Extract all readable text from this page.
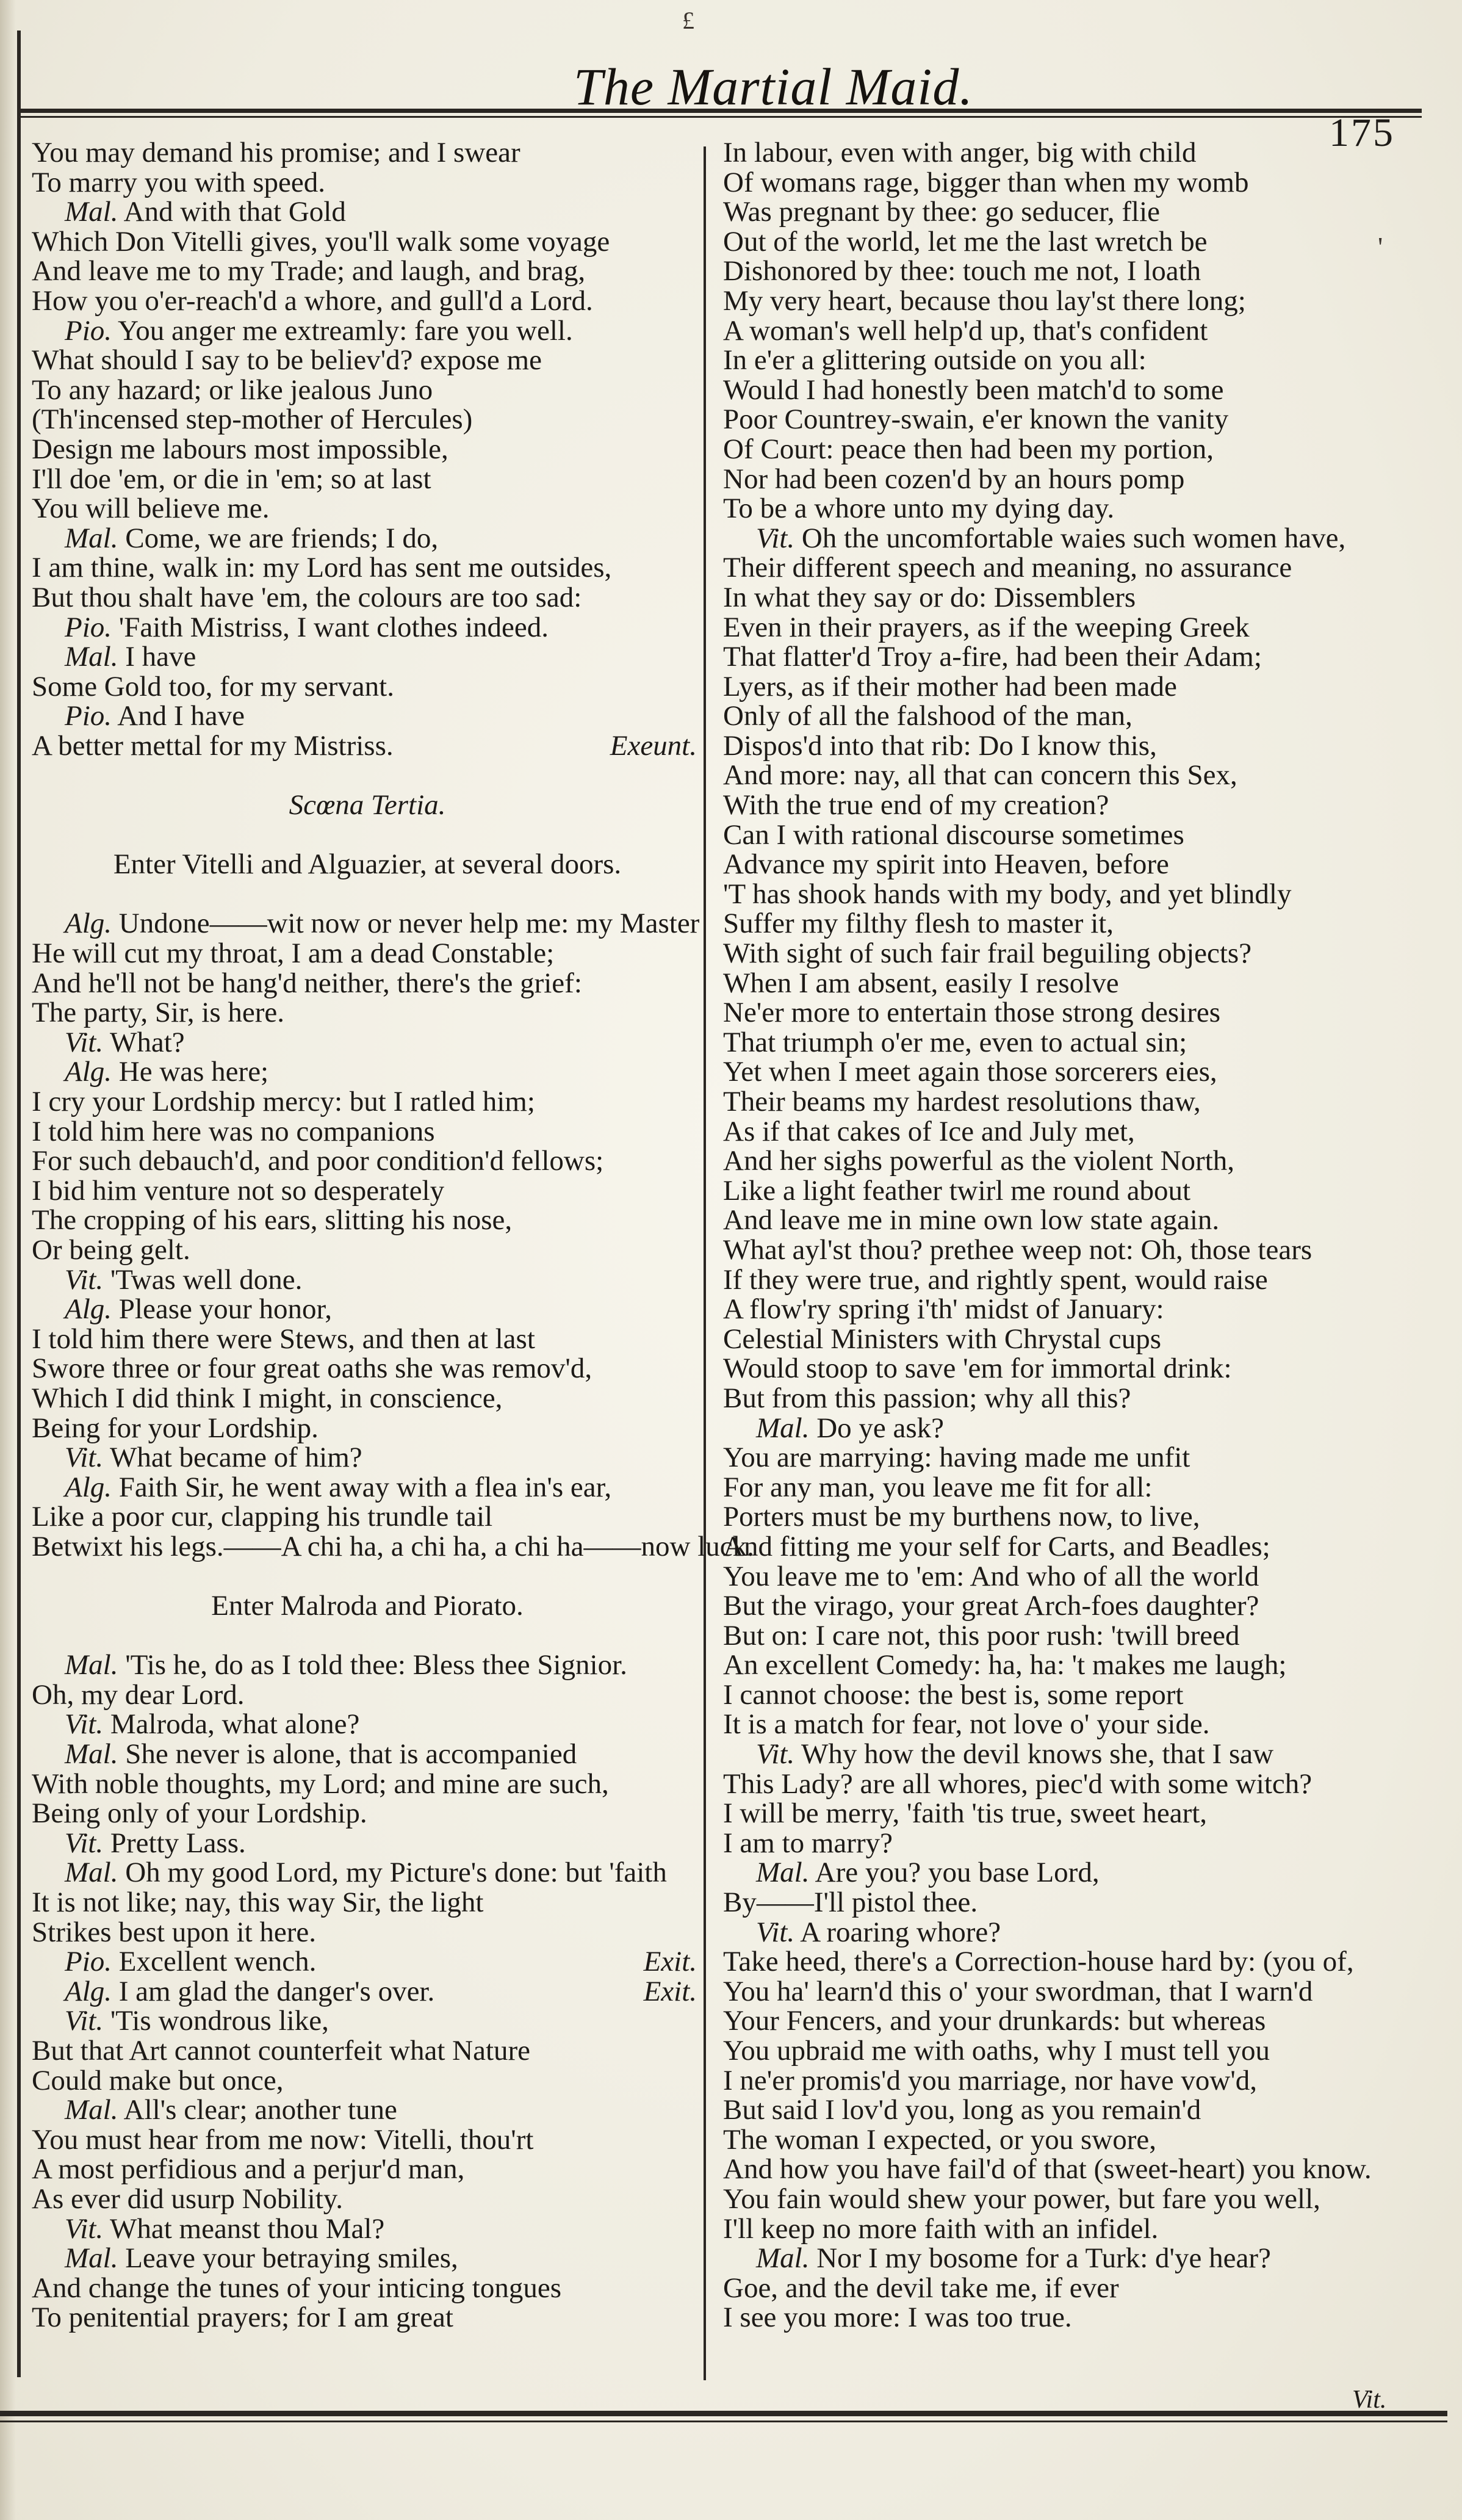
£
'
The Martial Maid.
175
You may demand his promise; and I swear
To marry you with speed.
Mal. And with that Gold
Which Don Vitelli gives, you'll walk some voyage
And leave me to my Trade; and laugh, and brag,
How you o'er-reach'd a whore, and gull'd a Lord.
Pio. You anger me extreamly: fare you well.
What should I say to be believ'd? expose me
To any hazard; or like jealous Juno
(Th'incensed step-mother of Hercules)
Design me labours most impossible,
I'll doe 'em, or die in 'em; so at last
You will believe me.
Mal. Come, we are friends; I do,
I am thine, walk in: my Lord has sent me outsides,
But thou shalt have 'em, the colours are too sad:
Pio. 'Faith Mistriss, I want clothes indeed.
Mal. I have
Some Gold too, for my servant.
Pio. And I have
A better mettal for my Mistriss.	Exeunt.
Scœna Tertia.
Enter Vitelli and Alguazier, at several doors.
Alg. Undone——wit now or never help me: my Master
He will cut my throat, I am a dead Constable;
And he'll not be hang'd neither, there's the grief:
The party, Sir, is here.
Vit. What?
Alg. He was here;
I cry your Lordship mercy: but I ratled him;
I told him here was no companions
For such debauch'd, and poor condition'd fellows;
I bid him venture not so desperately
The cropping of his ears, slitting his nose,
Or being gelt.
Vit. 'Twas well done.
Alg. Please your honor,
I told him there were Stews, and then at last
Swore three or four great oaths she was remov'd,
Which I did think I might, in conscience,
Being for your Lordship.
Vit. What became of him?
Alg. Faith Sir, he went away with a flea in's ear,
Like a poor cur, clapping his trundle tail
Betwixt his legs.——A chi ha, a chi ha, a chi ha——now luck.
Enter Malroda and Piorato.
Mal. 'Tis he, do as I told thee: Bless thee Signior.
Oh, my dear Lord.
Vit. Malroda, what alone?
Mal. She never is alone, that is accompanied
With noble thoughts, my Lord; and mine are such,
Being only of your Lordship.
Vit. Pretty Lass.
Mal. Oh my good Lord, my Picture's done: but 'faith
It is not like; nay, this way Sir, the light
Strikes best upon it here.
Pio. Excellent wench.	Exit.
Alg. I am glad the danger's over.	Exit.
Vit. 'Tis wondrous like,
But that Art cannot counterfeit what Nature
Could make but once,
Mal. All's clear; another tune
You must hear from me now: Vitelli, thou'rt
A most perfidious and a perjur'd man,
As ever did usurp Nobility.
Vit. What meanst thou Mal?
Mal. Leave your betraying smiles,
And change the tunes of your inticing tongues
To penitential prayers; for I am great
In labour, even with anger, big with child
Of womans rage, bigger than when my womb
Was pregnant by thee: go seducer, flie
Out of the world, let me the last wretch be
Dishonored by thee: touch me not, I loath
My very heart, because thou lay'st there long;
A woman's well help'd up, that's confident
In e'er a glittering outside on you all:
Would I had honestly been match'd to some
Poor Countrey-swain, e'er known the vanity
Of Court: peace then had been my portion,
Nor had been cozen'd by an hours pomp
To be a whore unto my dying day.
Vit. Oh the uncomfortable waies such women have,
Their different speech and meaning, no assurance
In what they say or do: Dissemblers
Even in their prayers, as if the weeping Greek
That flatter'd Troy a-fire, had been their Adam;
Lyers, as if their mother had been made
Only of all the falshood of the man,
Dispos'd into that rib: Do I know this,
And more: nay, all that can concern this Sex,
With the true end of my creation?
Can I with rational discourse sometimes
Advance my spirit into Heaven, before
'T has shook hands with my body, and yet blindly
Suffer my filthy flesh to master it,
With sight of such fair frail beguiling objects?
When I am absent, easily I resolve
Ne'er more to entertain those strong desires
That triumph o'er me, even to actual sin;
Yet when I meet again those sorcerers eies,
Their beams my hardest resolutions thaw,
As if that cakes of Ice and July met,
And her sighs powerful as the violent North,
Like a light feather twirl me round about
And leave me in mine own low state again.
What ayl'st thou? prethee weep not: Oh, those tears
If they were true, and rightly spent, would raise
A flow'ry spring i'th' midst of January:
Celestial Ministers with Chrystal cups
Would stoop to save 'em for immortal drink:
But from this passion; why all this?
Mal. Do ye ask?
You are marrying: having made me unfit
For any man, you leave me fit for all:
Porters must be my burthens now, to live,
And fitting me your self for Carts, and Beadles;
You leave me to 'em: And who of all the world
But the virago, your great Arch-foes daughter?
But on: I care not, this poor rush: 'twill breed
An excellent Comedy: ha, ha: 't makes me laugh;
I cannot choose: the best is, some report
It is a match for fear, not love o' your side.
Vit. Why how the devil knows she, that I saw
This Lady? are all whores, piec'd with some witch?
I will be merry, 'faith 'tis true, sweet heart,
I am to marry?
Mal. Are you? you base Lord,
By——I'll pistol thee.
Vit. A roaring whore?
Take heed, there's a Correction-house hard by: (you of,
You ha' learn'd this o' your swordman, that I warn'd
Your Fencers, and your drunkards: but whereas
You upbraid me with oaths, why I must tell you
I ne'er promis'd you marriage, nor have vow'd,
But said I lov'd you, long as you remain'd
The woman I expected, or you swore,
And how you have fail'd of that (sweet-heart) you know.
You fain would shew your power, but fare you well,
I'll keep no more faith with an infidel.
Mal. Nor I my bosome for a Turk: d'ye hear?
Goe, and the devil take me, if ever
I see you more: I was too true.
Vit.
